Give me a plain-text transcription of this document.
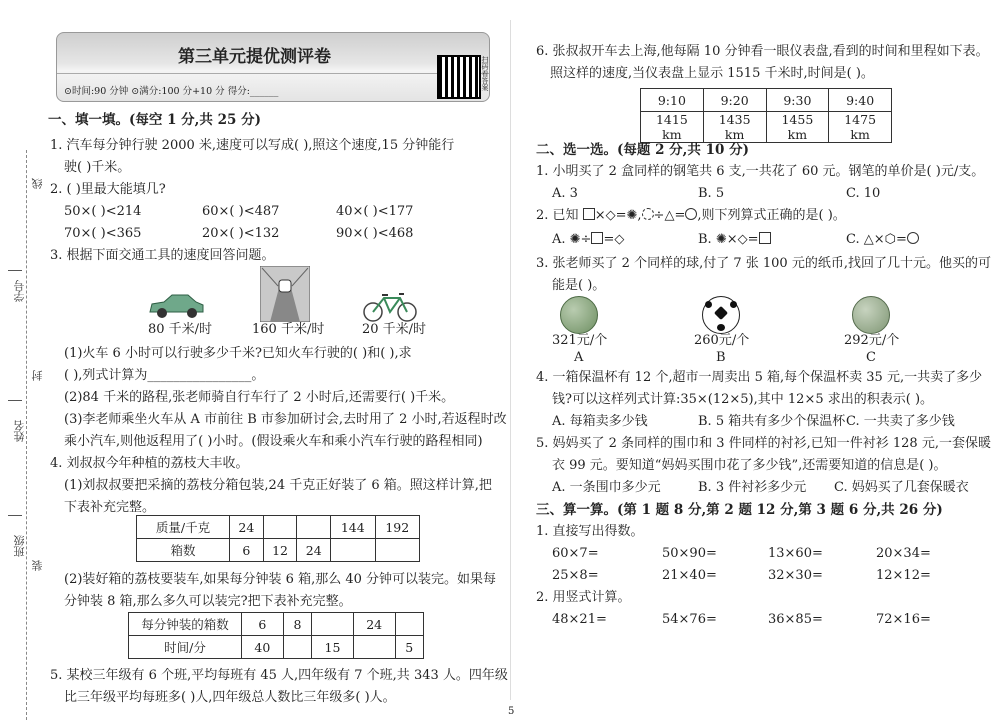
线
学号
封
姓名
班级
装
第三单元提优测评卷
⊙时间:90 分钟 ⊙满分:100 分+10 分 得分:______
扫码看答案
一、填一填。(每空 1 分,共 25 分)
1. 汽车每分钟行驶 2000 米,速度可以写成( ),照这个速度,15 分钟能行
驶( )千米。
2. ( )里最大能填几?
50×( )<214	60×( )<487	40×( )<177
70×( )<365	20×( )<132	90×( )<468
3. 根据下面交通工具的速度回答问题。
80 千米/时	160 千米/时	20 千米/时
(1)火车 6 小时可以行驶多少千米?已知火车行驶的( )和( ),求
( ),列式计算为________________。
(2)84 千米的路程,张老师骑自行车行了 2 小时后,还需要行( )千米。
(3)李老师乘坐火车从 A 市前往 B 市参加研讨会,去时用了 2 小时,若返程时改
乘小汽车,则他返程用了( )小时。(假设乘火车和乘小汽车行驶的路程相同)
4. 刘叔叔今年种植的荔枝大丰收。
(1)刘叔叔要把采摘的荔枝分箱包装,24 千克正好装了 6 箱。照这样计算,把
下表补充完整。
质量/千克	24			144	192
箱数	6	12	24		
(2)装好箱的荔枝要装车,如果每分钟装 6 箱,那么 40 分钟可以装完。如果每
分钟装 8 箱,那么多久可以装完?把下表补充完整。
每分钟装的箱数	6	8		24	
时间/分	40		15		5
5. 某校三年级有 6 个班,平均每班有 45 人,四年级有 7 个班,共 343 人。四年级
比三年级平均每班多( )人,四年级总人数比三年级多( )人。
6. 张叔叔开车去上海,他每隔 10 分钟看一眼仪表盘,看到的时间和里程如下表。
照这样的速度,当仪表盘上显示 1515 千米时,时间是( )。
9:10	9:20	9:30	9:40
1415 km	1435 km	1455 km	1475 km
二、选一选。(每题 2 分,共 10 分)
1. 小明买了 2 盒同样的钢笔共 6 支,一共花了 60 元。钢笔的单价是( )元/支。
A. 3	B. 5	C. 10
2. 已知 ×◇=✺, ÷△= ,则下列算式正确的是( )。
A. ✺÷ =◇	B. ✺×◇=	C. △×⬡=
3. 张老师买了 2 个同样的球,付了 7 张 100 元的纸币,找回了几十元。他买的可
能是( )。
321元/个	260元/个	292元/个
A	B	C
4. 一箱保温杯有 12 个,超市一周卖出 5 箱,每个保温杯卖 35 元,一共卖了多少
钱?可以这样列式计算:35×(12×5),其中 12×5 求出的积表示( )。
A. 每箱卖多少钱	B. 5 箱共有多少个保温杯 C. 一共卖了多少钱
5. 妈妈买了 2 条同样的围巾和 3 件同样的衬衫,已知一件衬衫 128 元,一套保暖
衣 99 元。要知道“妈妈买围巾花了多少钱”,还需要知道的信息是( )。
A. 一条围巾多少元	B. 3 件衬衫多少元 C. 妈妈买了几套保暖衣
三、算一算。(第 1 题 8 分,第 2 题 12 分,第 3 题 6 分,共 26 分)
1. 直接写出得数。
60×7=	50×90=	13×60=	20×34=
25×8=	21×40=	32×30=	12×12=
2. 用竖式计算。
48×21=	54×76=	36×85=	72×16=
5
